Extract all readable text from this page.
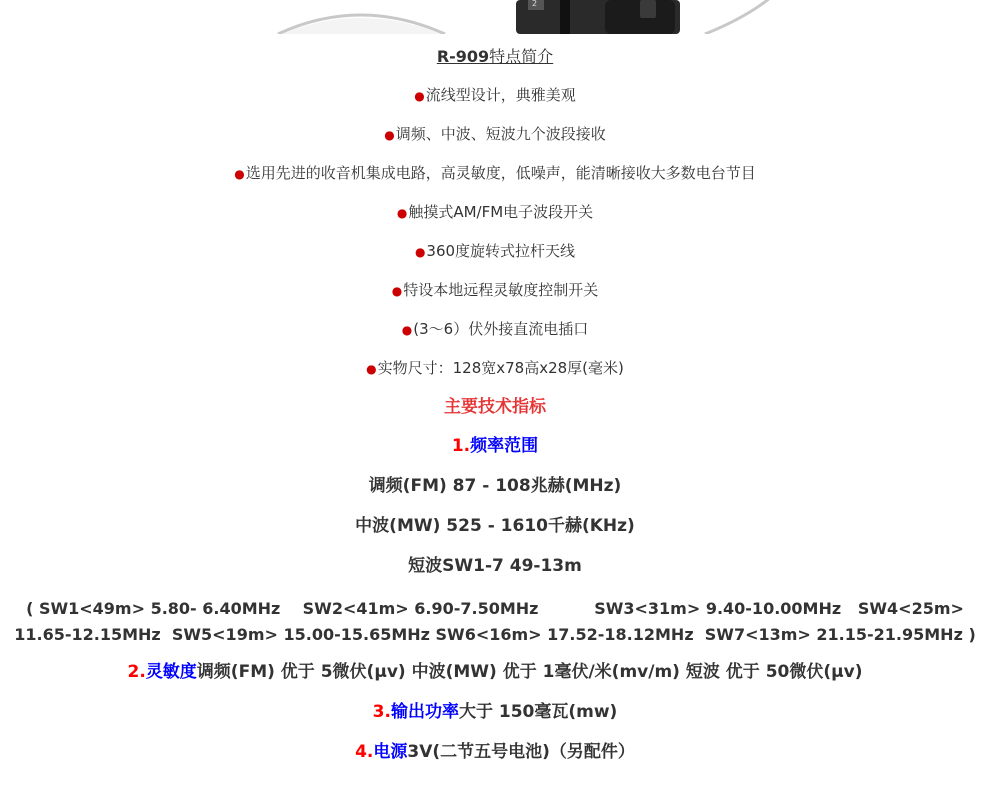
2
R-909特点简介
●流线型设计，典雅美观
●调频、中波、短波九个波段接收
●选用先进的收音机集成电路，高灵敏度，低噪声，能清晰接收大多数电台节目
●触摸式AM/FM电子波段开关
●360度旋转式拉杆天线
●特设本地远程灵敏度控制开关
●(3～6）伏外接直流电插口
●实物尺寸：128宽x78高x28厚(毫米)
主要技术指标
1.频率范围
调频(FM) 87 - 108兆赫(MHz)
中波(MW) 525 - 1610千赫(KHz)
短波SW1-7 49-13m
( SW1<49m> 5.80- 6.40MHz    SW2<41m> 6.90-7.50MHz          SW3<31m> 9.40-10.00MHz   SW4<25m>
11.65-12.15MHz  SW5<19m> 15.00-15.65MHz SW6<16m> 17.52-18.12MHz  SW7<13m> 21.15-21.95MHz )
2.灵敏度调频(FM) 优于 5微伏(μv) 中波(MW) 优于 1毫伏/米(mv/m) 短波 优于 50微伏(μv)
3.输出功率大于 150毫瓦(mw)
4.电源3V(二节五号电池)（另配件）
